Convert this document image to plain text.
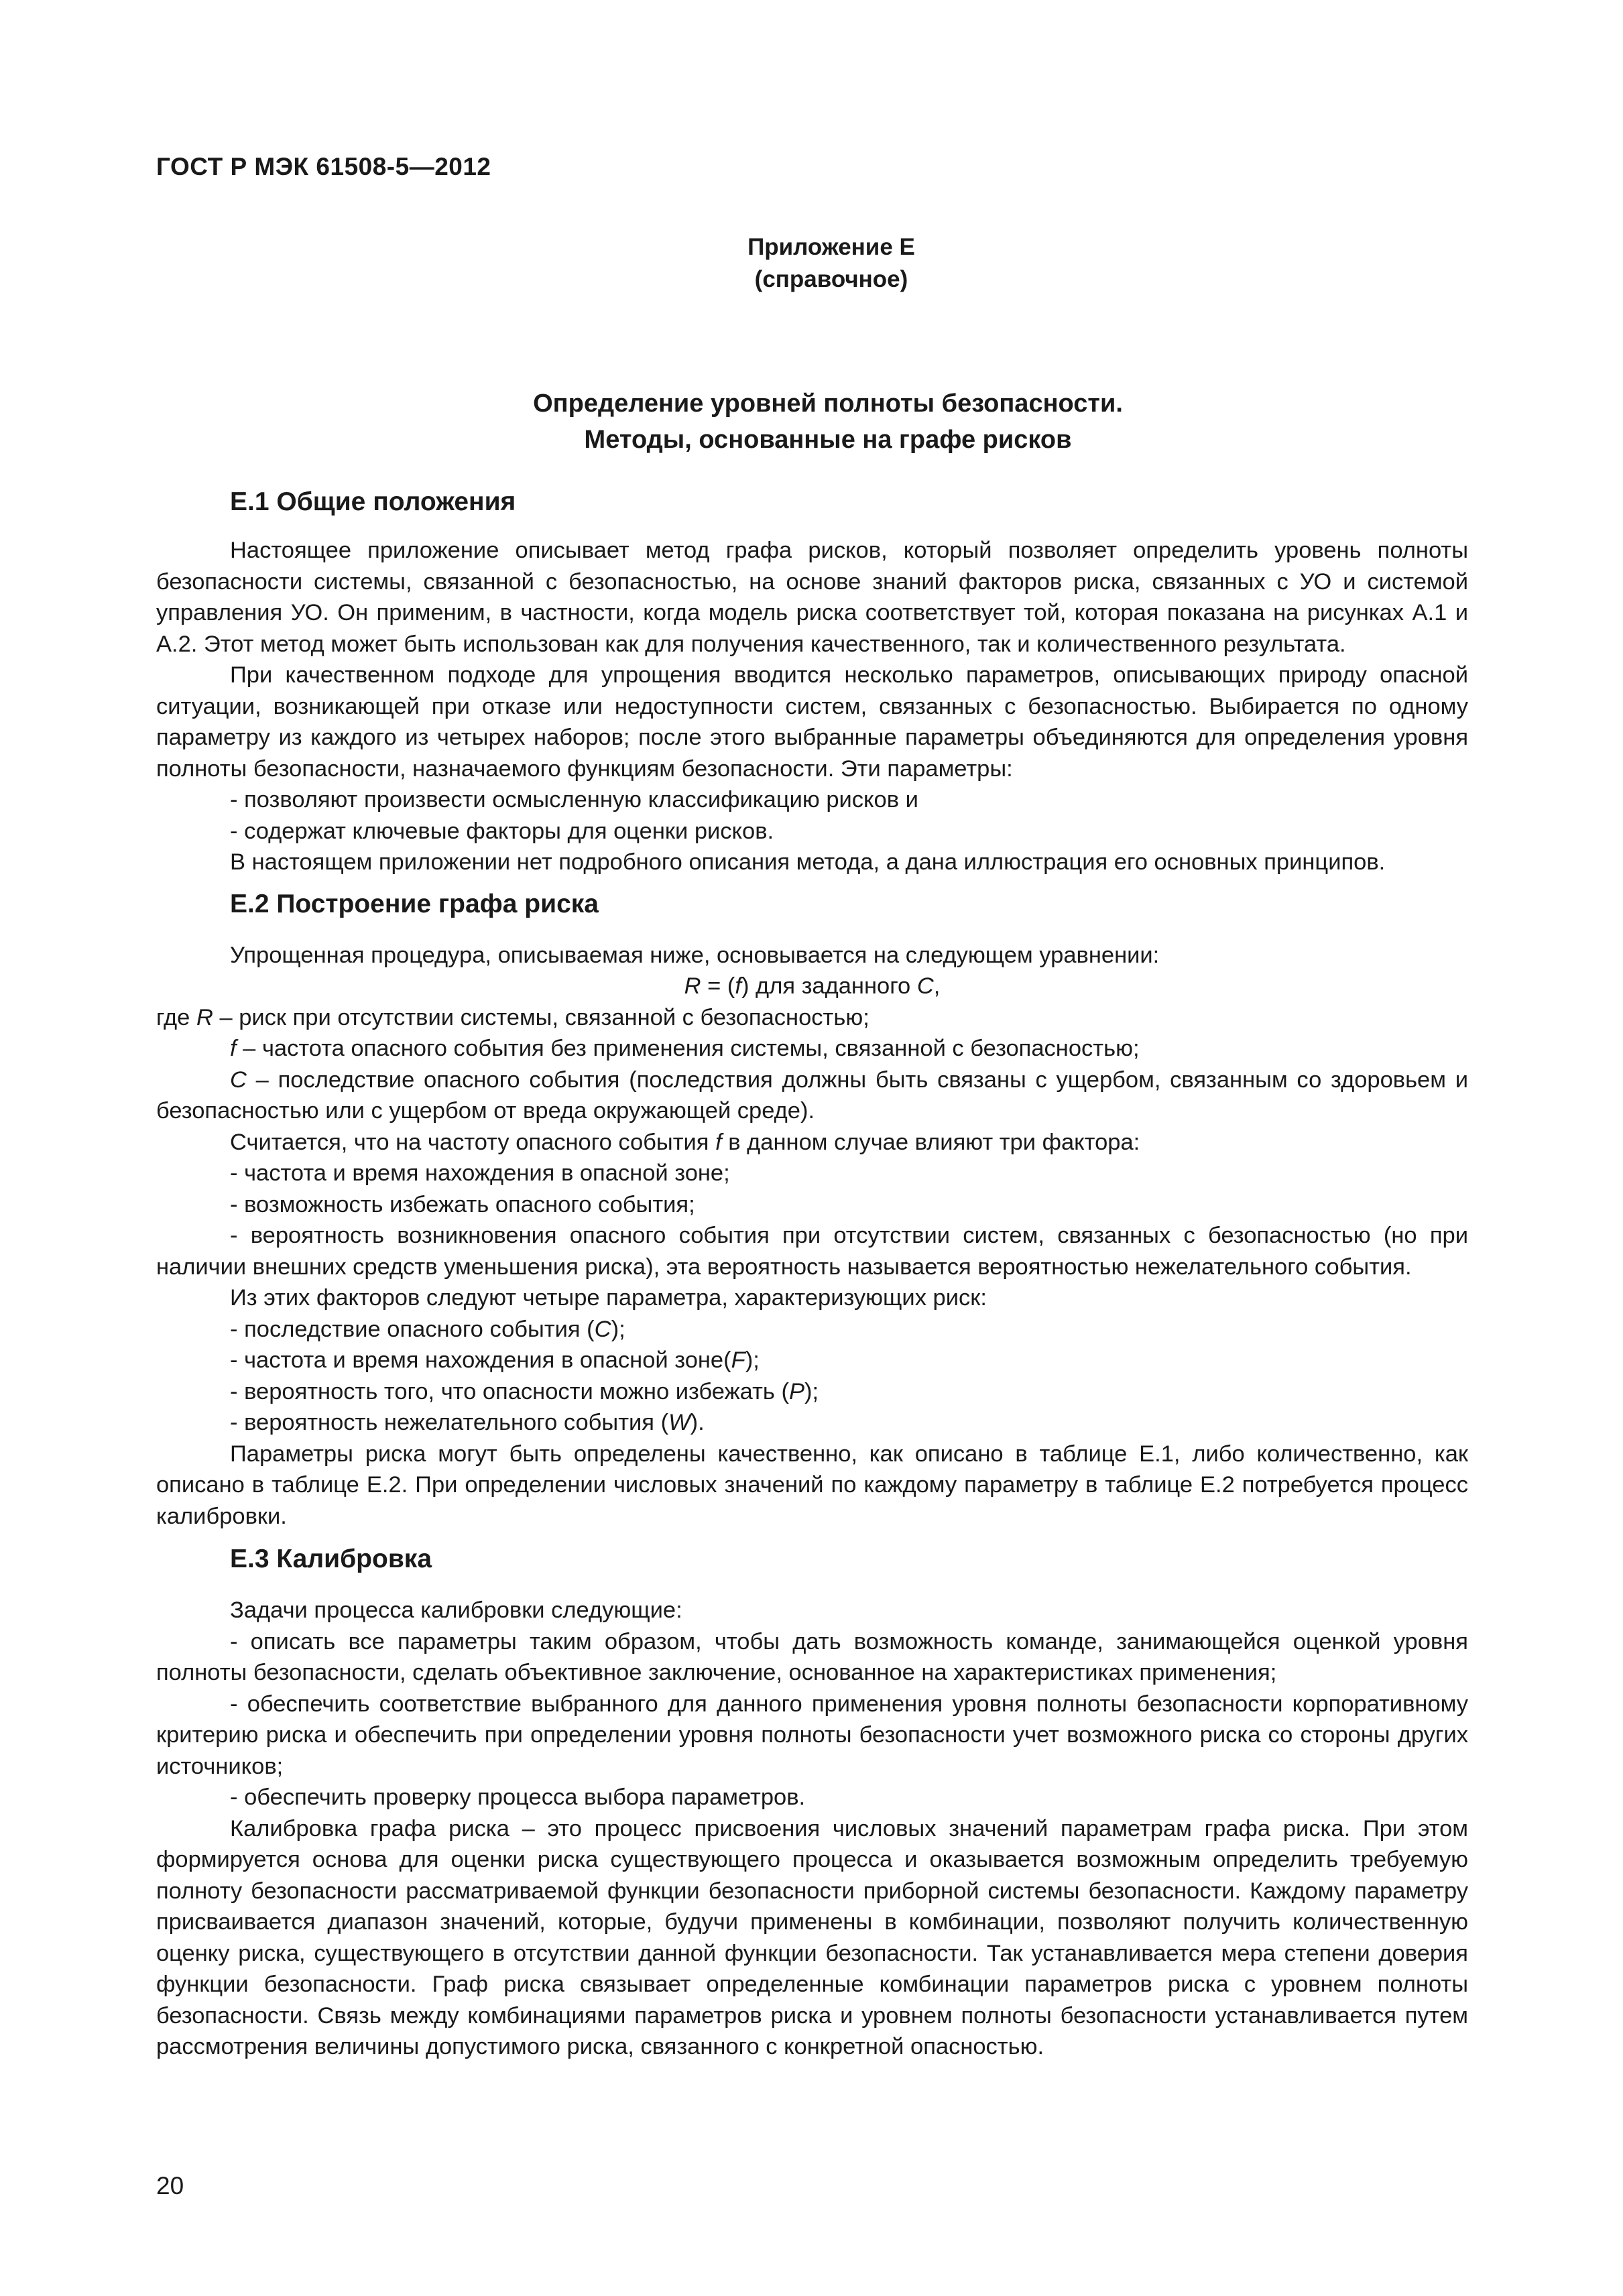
ГОСТ Р МЭК 61508-5—2012

Приложение Е
(справочное)
Определение уровней полноты безопасности.
Методы, основанные на графе рисков
Е.1 Общие положения

Настоящее приложение описывает метод графа рисков, который позволяет определить уровень полноты безопасности системы, связанной с безопасностью, на основе знаний факторов риска, связанных с УО и системой управления УО. Он применим, в частности, когда модель риска соответствует той, которая показана на рисунках А.1 и А.2. Этот метод может быть использован как для получения качественного, так и количественного результата.

При качественном подходе для упрощения вводится несколько параметров, описывающих природу опасной ситуации, возникающей при отказе или недоступности систем, связанных с безопасностью. Выбирается по одному параметру из каждого из четырех наборов; после этого выбранные параметры объединяются для определения уровня полноты безопасности, назначаемого функциям безопасности. Эти параметры:

- позволяют произвести осмысленную классификацию рисков и

- содержат ключевые факторы для оценки рисков.

В настоящем приложении нет подробного описания метода, а дана иллюстрация его основных принципов.

Е.2 Построение графа риска

Упрощенная процедура, описываемая ниже, основывается на следующем уравнении:

R = (f) для заданного C,

где R – риск при отсутствии системы, связанной с безопасностью;

f – частота опасного события без применения системы, связанной с безопасностью;

C – последствие опасного события (последствия должны быть связаны с ущербом, связанным со здоровьем и безопасностью или с ущербом от вреда окружающей среде).

Считается, что на частоту опасного события f в данном случае влияют три фактора:

- частота и время нахождения в опасной зоне;

- возможность избежать опасного события;

- вероятность возникновения опасного события при отсутствии систем, связанных с безопасностью (но при наличии внешних средств уменьшения риска), эта вероятность называется вероятностью нежелательного события.

Из этих факторов следуют четыре параметра, характеризующих риск:

- последствие опасного события (C);

- частота и время нахождения в опасной зоне(F);

- вероятность того, что опасности можно избежать (P);

- вероятность нежелательного события (W).

Параметры риска могут быть определены качественно, как описано в таблице Е.1, либо количественно, как описано в таблице Е.2. При определении числовых значений по каждому параметру в таблице Е.2 потребуется процесс калибровки.

Е.3 Калибровка

Задачи процесса калибровки следующие:

- описать все параметры таким образом, чтобы дать возможность команде, занимающейся оценкой уровня полноты безопасности, сделать объективное заключение, основанное на характеристиках применения;

- обеспечить соответствие выбранного для данного применения уровня полноты безопасности корпоративному критерию риска и обеспечить при определении уровня полноты безопасности учет возможного риска со стороны других источников;

- обеспечить проверку процесса выбора параметров.

Калибровка графа риска – это процесс присвоения числовых значений параметрам графа риска. При этом формируется основа для оценки риска существующего процесса и оказывается возможным определить требуемую полноту безопасности рассматриваемой функции безопасности приборной системы безопасности. Каждому параметру присваивается диапазон значений, которые, будучи применены в комбинации, позволяют получить количественную оценку риска, существующего в отсутствии данной функции безопасности. Так устанавливается мера степени доверия функции безопасности. Граф риска связывает определенные комбинации параметров риска с уровнем полноты безопасности. Связь между комбинациями параметров риска и уровнем полноты безопасности устанавливается путем рассмотрения величины допустимого риска, связанного с конкретной опасностью.

20
